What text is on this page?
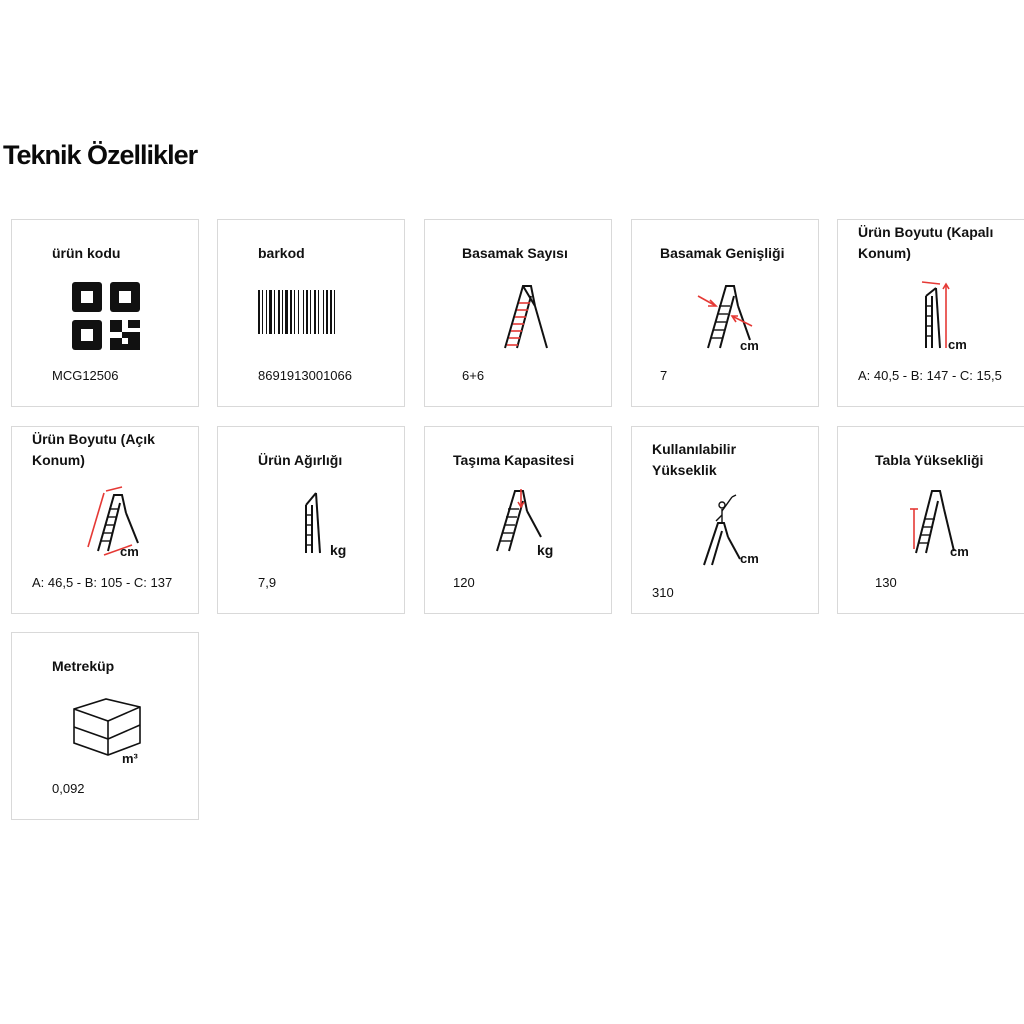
Teknik Özellikler
ürün kodu
MCG12506
barkod
8691913001066
Basamak Sayısı
6+6
Basamak Genişliği
cm
7
Ürün Boyutu (Kapalı Konum)
cm
A: 40,5 - B: 147 - C: 15,5
Ürün Boyutu (Açık Konum)
cm
A: 46,5 - B: 105 - C: 137
Ürün Ağırlığı
kg
7,9
Taşıma Kapasitesi
kg
120
Kullanılabilir Yükseklik
cm
310
Tabla Yüksekliği
cm
130
Metreküp
m³
0,092
